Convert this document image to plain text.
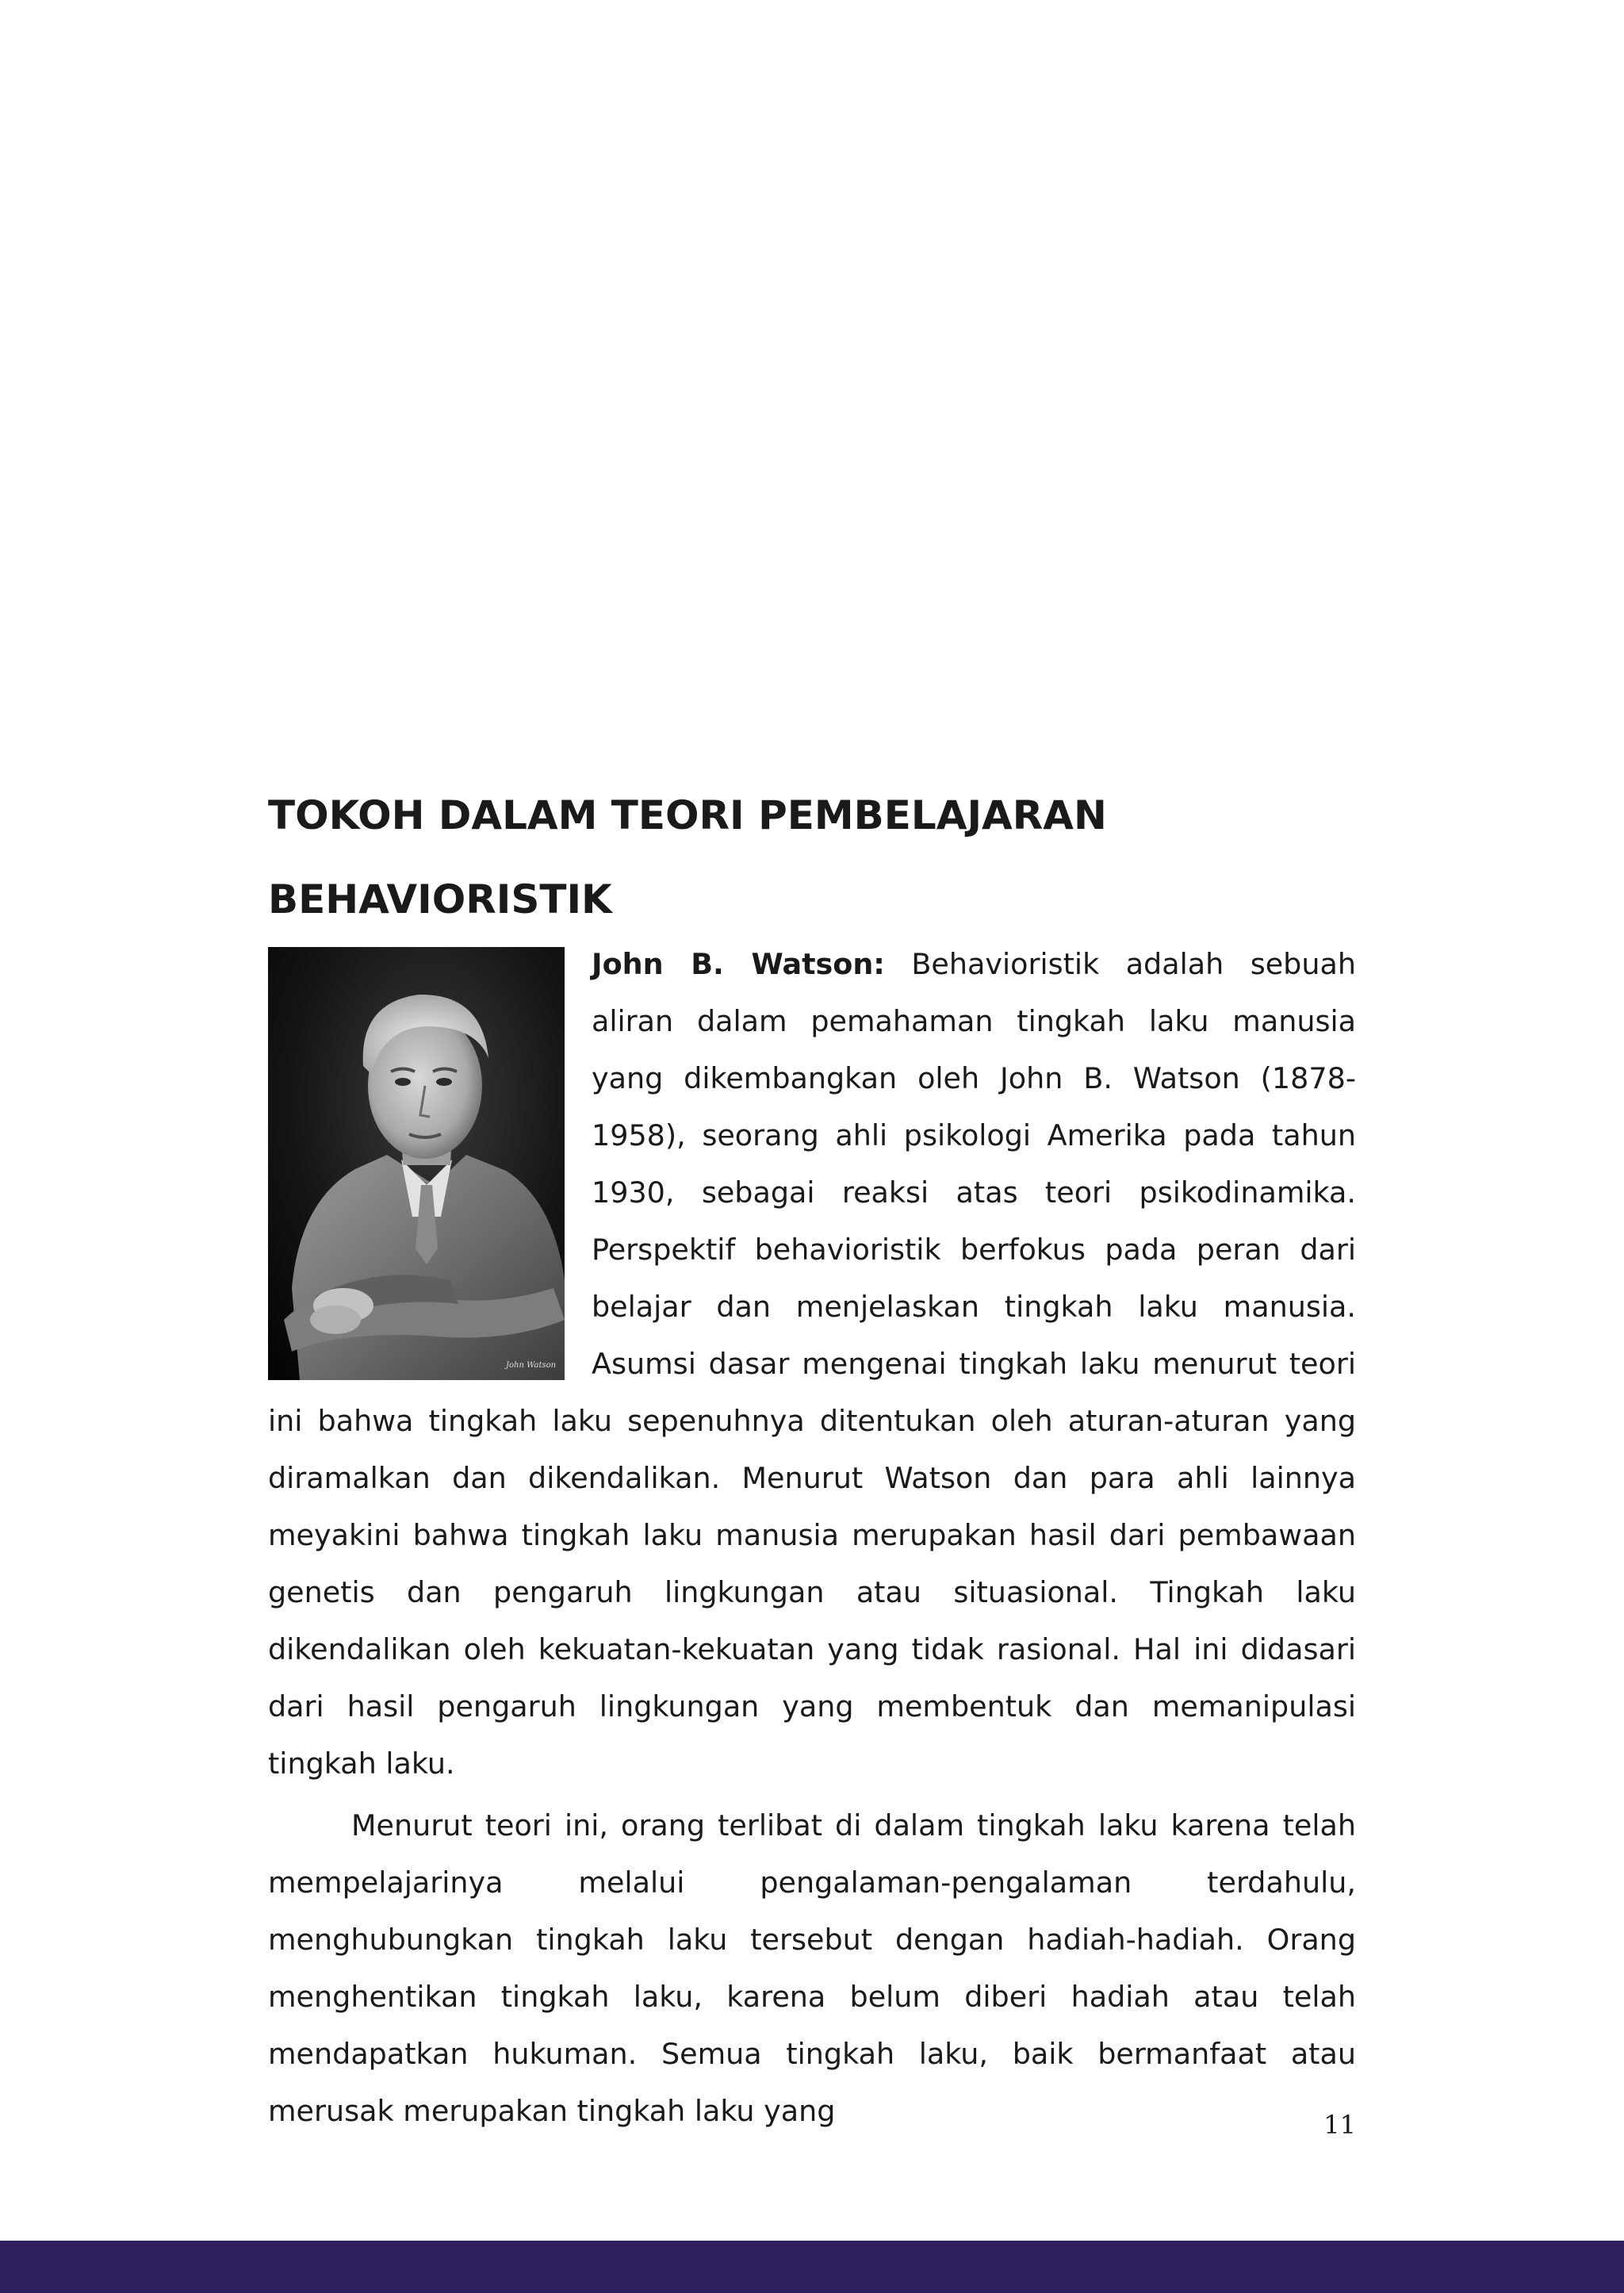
TOKOH DALAM TEORI PEMBELAJARAN
BEHAVIORISTIK
John Watson

John B. Watson: Behavioristik adalah sebuah aliran dalam pemahaman tingkah laku manusia yang dikembangkan oleh John B. Watson (1878- 1958), seorang ahli psikologi Amerika pada tahun 1930, sebagai reaksi atas teori psikodinamika. Perspektif behavioristik berfokus pada peran dari belajar dan menjelaskan tingkah laku manusia. Asumsi dasar mengenai tingkah laku menurut teori ini bahwa tingkah laku sepenuhnya ditentukan oleh aturan-aturan yang diramalkan dan dikendalikan. Menurut Watson dan para ahli lainnya meyakini bahwa tingkah laku manusia merupakan hasil dari pembawaan genetis dan pengaruh lingkungan atau situasional. Tingkah laku dikendalikan oleh kekuatan-kekuatan yang tidak rasional. Hal ini didasari dari hasil pengaruh lingkungan yang membentuk dan memanipulasi tingkah laku.

Menurut teori ini, orang terlibat di dalam tingkah laku karena telah mempelajarinya melalui pengalaman-pengalaman terdahulu, menghubungkan tingkah laku tersebut dengan hadiah-hadiah. Orang menghentikan tingkah laku, karena belum diberi hadiah atau telah mendapatkan hukuman. Semua tingkah laku, baik bermanfaat atau merusak merupakan tingkah laku yang	11
